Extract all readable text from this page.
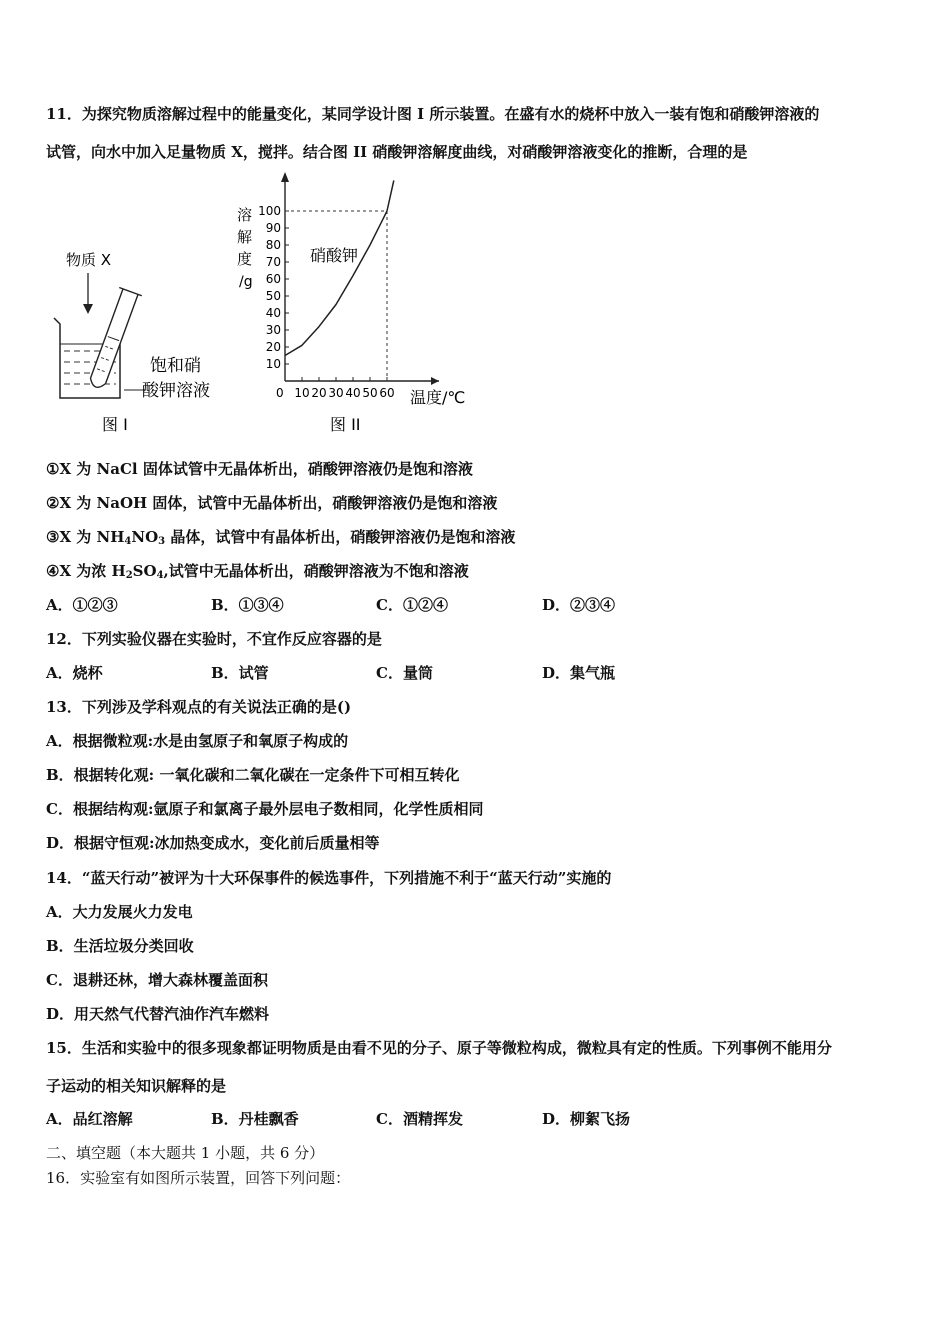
11．为探究物质溶解过程中的能量变化，某同学设计图 I 所示装置。在盛有水的烧杯中放入一装有饱和硝酸钾溶液的
试管，向水中加入足量物质 X，搅拌。结合图 II 硝酸钾溶解度曲线，对硝酸钾溶液变化的推断，合理的是
物质 X
饱和硝
酸钾溶液
图 I
溶
解
度
/g
0	温度/℃
硝酸钾
图 II
10
20
30
40
50
60
70
80
90
100
10 20 30 40 50 60
①X 为 NaCl 固体试管中无晶体析出，硝酸钾溶液仍是饱和溶液
②X 为 NaOH 固体，试管中无晶体析出，硝酸钾溶液仍是饱和溶液
③X 为 $NH_4NO_3$ 晶体，试管中有晶体析出，硝酸钾溶液仍是饱和溶液
④X 为浓 $H_2SO_4$,试管中无晶体析出，硝酸钾溶液为不饱和溶液
A．①②③	B．①③④	C．①②④	D．②③④
12．下列实验仪器在实验时，不宜作反应容器的是
A．烧杯	B．试管	C．量筒	D．集气瓶
13．下列涉及学科观点的有关说法正确的是()
A．根据微粒观:水是由氢原子和氧原子构成的
B．根据转化观: 一氧化碳和二氧化碳在一定条件下可相互转化
C．根据结构观:氩原子和氯离子最外层电子数相同，化学性质相同
D．根据守恒观:冰加热变成水，变化前后质量相等
14．“蓝天行动”被评为十大环保事件的候选事件，下列措施不利于“蓝天行动”实施的
A．大力发展火力发电
B．生活垃圾分类回收
C．退耕还林，增大森林覆盖面积
D．用天然气代替汽油作汽车燃料
15．生活和实验中的很多现象都证明物质是由看不见的分子、原子等微粒构成，微粒具有定的性质。下列事例不能用分
子运动的相关知识解释的是
A．品红溶解	B．丹桂飘香	C．酒精挥发	D．柳絮飞扬
二、填空题（本大题共 1 小题，共 6 分）
16．实验室有如图所示装置，回答下列问题：
